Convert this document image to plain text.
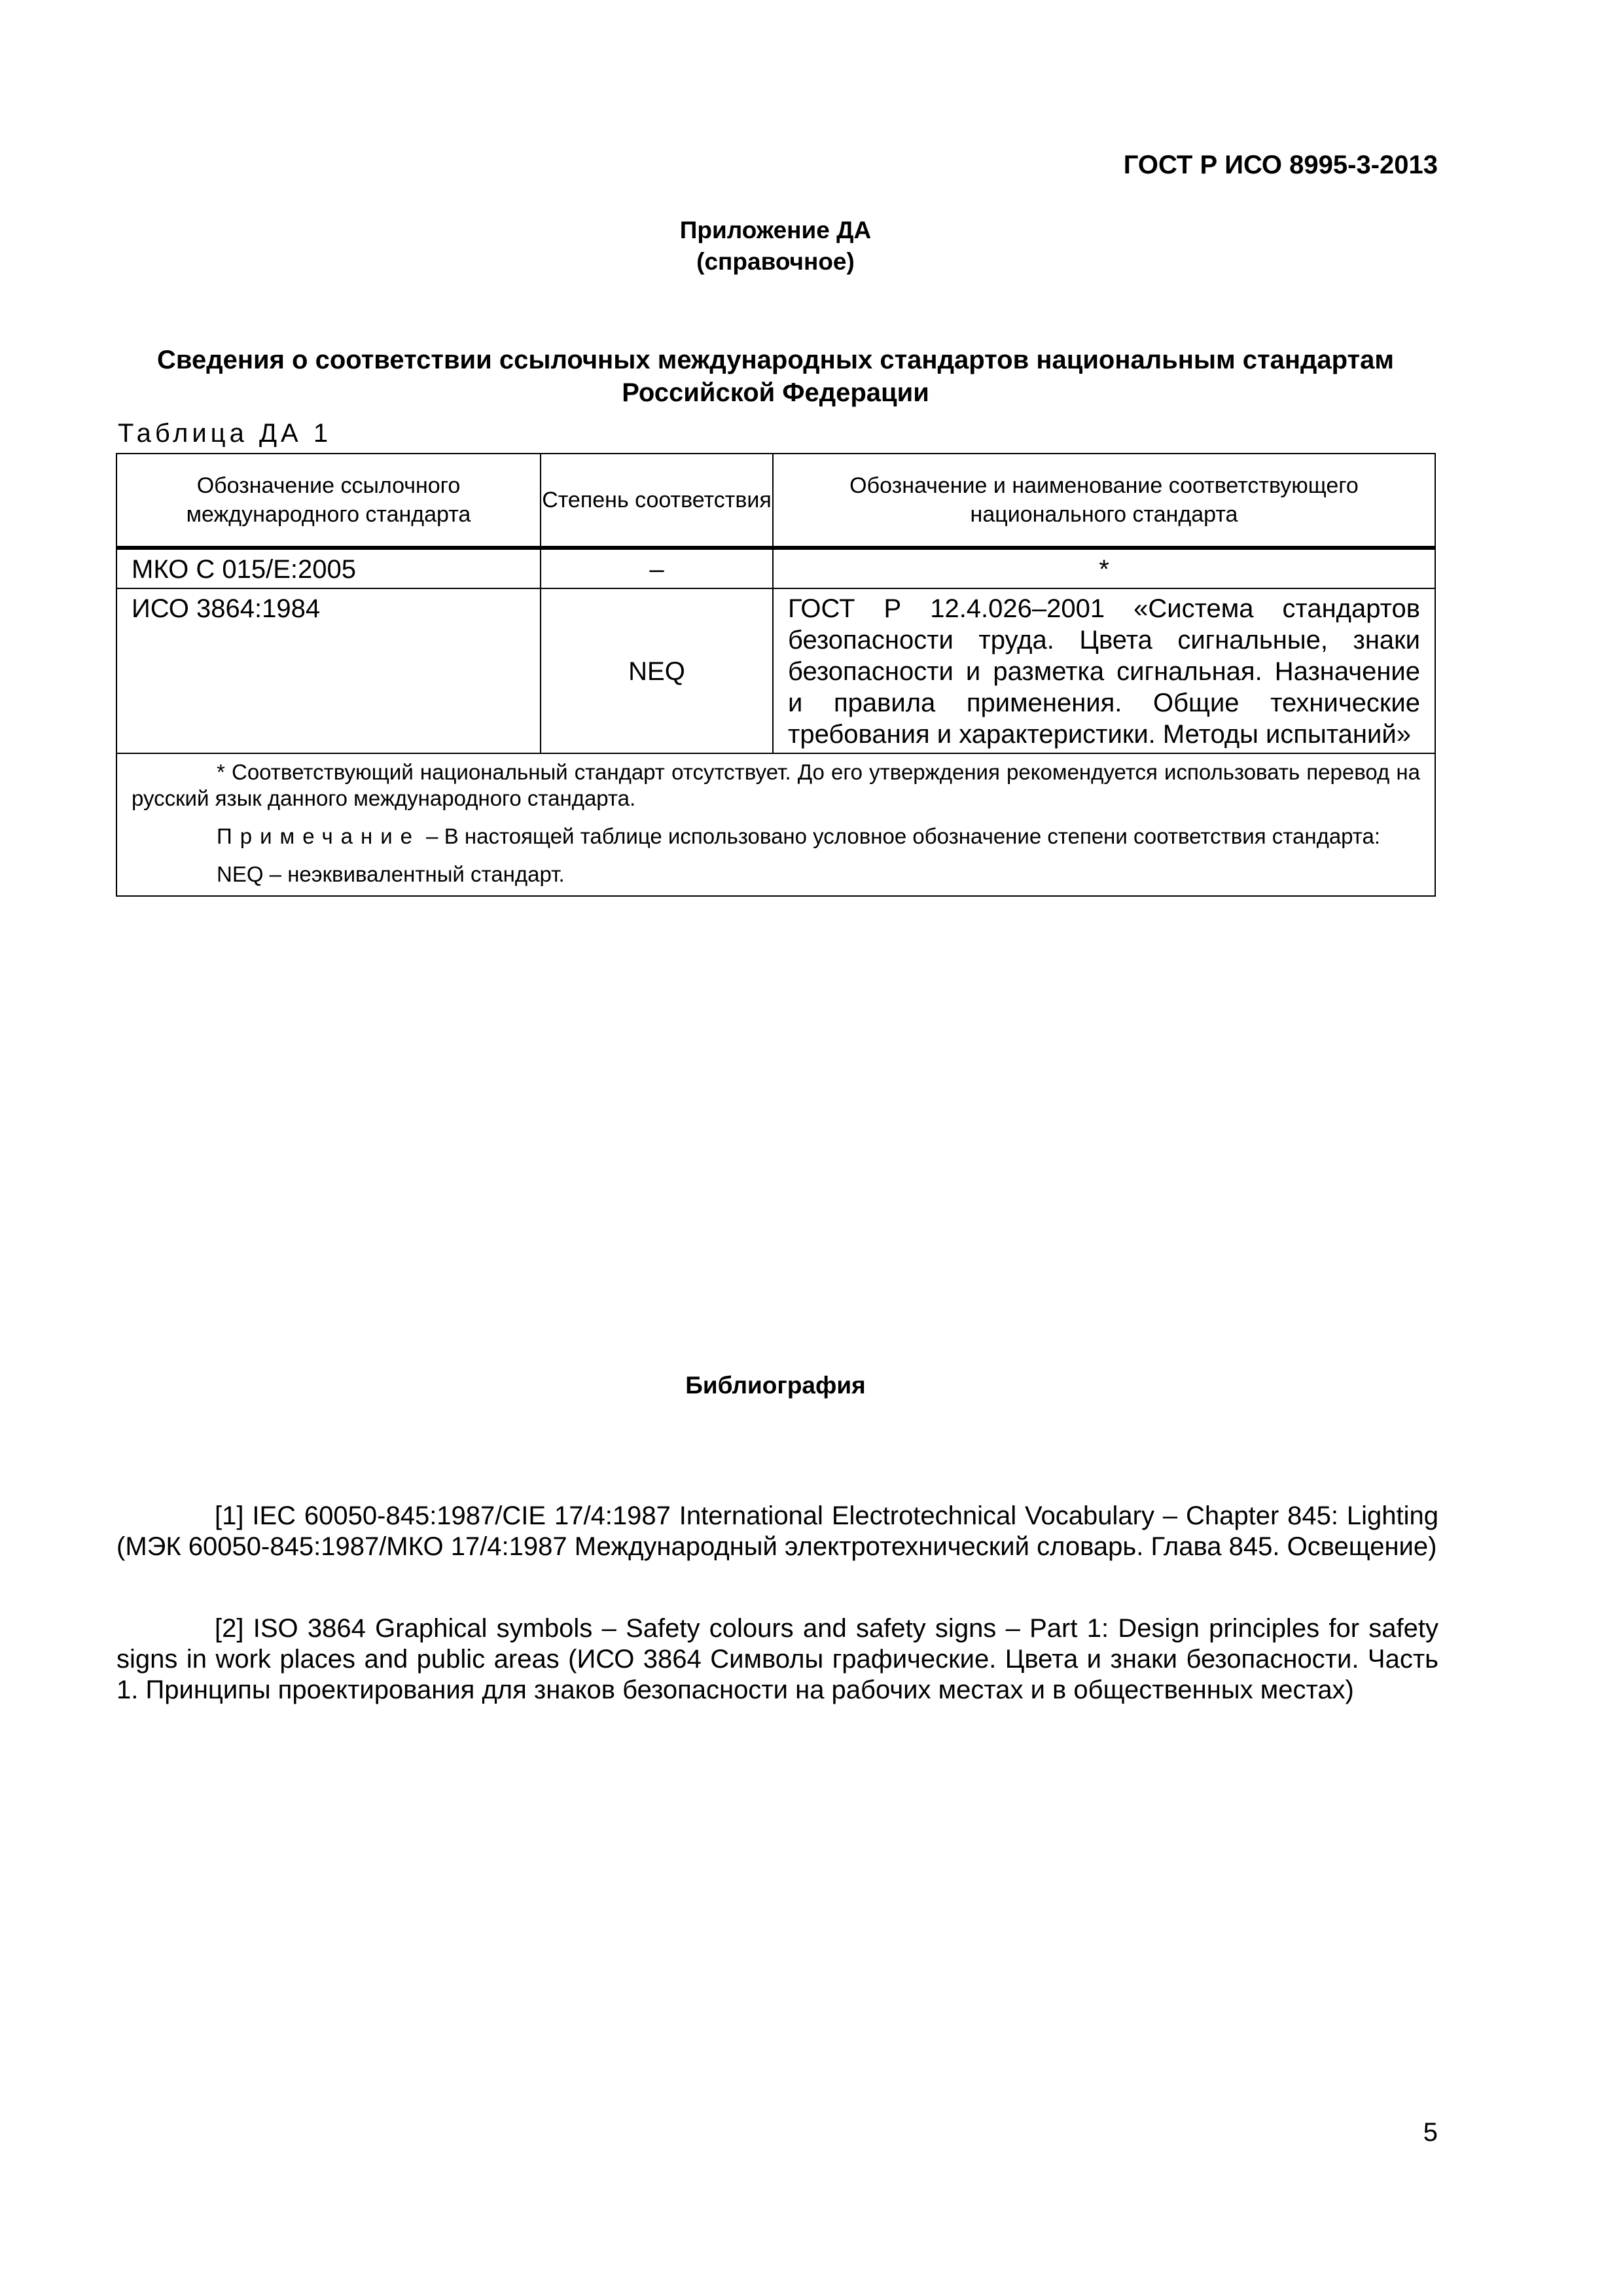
ГОСТ Р ИСО 8995-3-2013
Приложение ДА
(справочное)
Сведения о соответствии ссылочных международных стандартов национальным стандартам Российской Федерации
Таблица ДА 1
Обозначение ссылочного международного стандарта	Степень соответствия	Обозначение и наименование соответствующего национального стандарта
МКО С 015/Е:2005	–	*
ИСО 3864:1984	NEQ	ГОСТ Р 12.4.026–2001 «Система стандартов безопасности труда. Цвета сигнальные, знаки безопасности и разметка сигнальная. Назначение и правила применения. Общие технические требования и характеристики. Методы испытаний»

* Соответствующий национальный стандарт отсутствует. До его утверждения рекомендуется использовать перевод на русский язык данного международного стандарта.

Примечание – В настоящей таблице использовано условное обозначение степени соответствия стандарта:

NEQ – неэквивалентный стандарт.		

Библиография
[1] IEC 60050-845:1987/CIE 17/4:1987 International Electrotechnical Vocabulary – Chapter 845: Lighting (МЭК 60050-845:1987/МКО 17/4:1987 Международный электротехнический словарь. Глава 845. Освещение)
[2] ISO 3864 Graphical symbols – Safety colours and safety signs – Part 1: Design principles for safety signs in work places and public areas (ИСО 3864 Символы графические. Цвета и знаки безопасности. Часть 1. Принципы проектирования для знаков безопасности на рабочих местах и в общественных местах)
5
